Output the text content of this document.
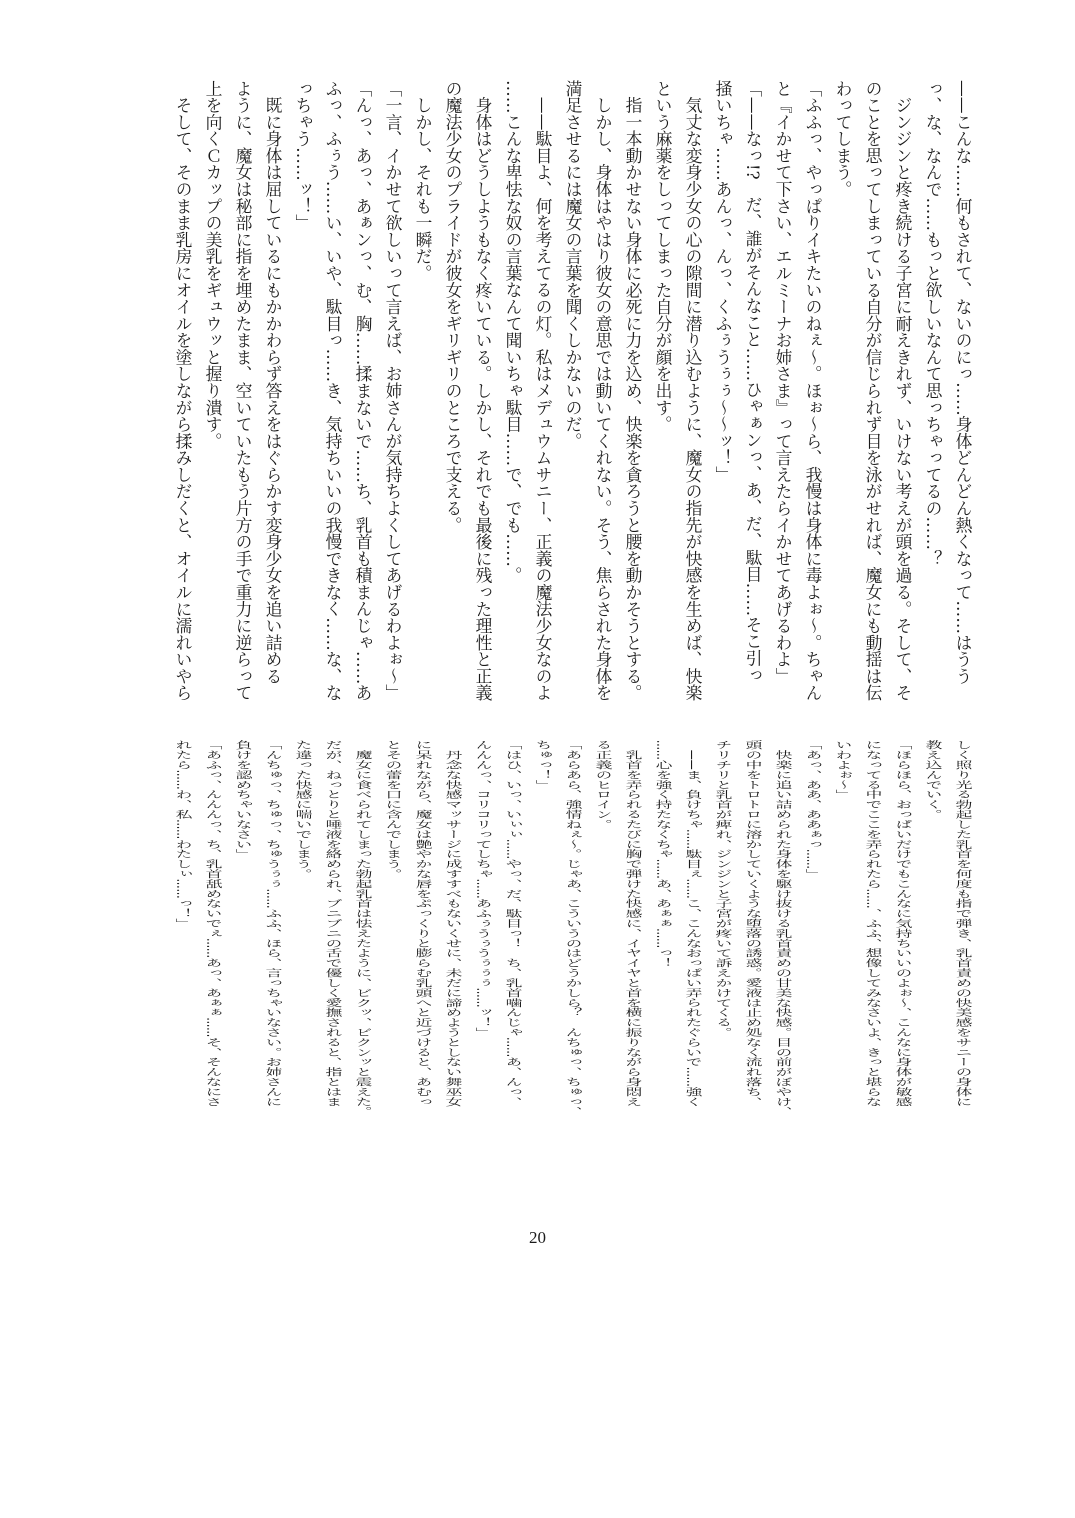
——こんな……何もされて、ないのにっ……身体どんどん熱くなって……はうう
っ、な、なんで……もっと欲しいなんて思っちゃってるの……？
　ジンジンと疼き続ける子宮に耐えきれず、いけない考えが頭を過る。そして、そ
のことを思ってしまっている自分が信じられず目を泳がせれば、魔女にも動揺は伝
わってしまう。
「ふふっ、やっぱりイキたいのねぇ～。ほぉ～ら、我慢は身体に毒よぉ～。ちゃん
と『イかせて下さい、エルミーナお姉さま』って言えたらイかせてあげるわよ」
「——なっ!?　だ、誰がそんなこと……ひゃぁンっ、あ、だ、駄目……そこ引っ
掻いちゃ……あんっ、んっ、くふぅうぅぅ～～ッ！」
　気丈な変身少女の心の隙間に潜り込むように、魔女の指先が快感を生めば、快楽
という麻薬をしってしまった自分が顔を出す。
　指一本動かせない身体に必死に力を込め、快楽を貪ろうと腰を動かそうとする。
　しかし、身体はやはり彼女の意思では動いてくれない。そう、焦らされた身体を
満足させるには魔女の言葉を聞くしかないのだ。
　——駄目よ、何を考えてるの灯。私はメデュウムサニー、正義の魔法少女なのよ
……こんな卑怯な奴の言葉なんて聞いちゃ駄目……で、でも……。
　身体はどうしようもなく疼いている。しかし、それでも最後に残った理性と正義
の魔法少女のプライドが彼女をギリギリのところで支える。
　しかし、それも一瞬だ。
「一言、イかせて欲しいって言えば、お姉さんが気持ちよくしてあげるわよぉ～」
「んっ、あっ、あぁンっ、む、胸……揉まないで……ち、乳首も積まんじゃ……あ
ふっ、ふぅう……い、いや、駄目っ……き、気持ちいいの我慢できなく……な、な
っちゃう……ッ！」
　既に身体は屈しているにもかかわらず答えをはぐらかす変身少女を追い詰める
ように、魔女は秘部に指を埋めたまま、空いていたもう片方の手で重力に逆らって
上を向くＣカップの美乳をギュウッと握り潰す。
　そして、そのまま乳房にオイルを塗しながら揉みしだくと、オイルに濡れいやら
しく照り光る勃起した乳首を何度も指で弾き、乳首責めの快美感をサニーの身体に
教え込んでいく。
「ほらほら、おっぱいだけでもこんなに気持ちいいのよぉ～、こんなに身体が敏感
になってる中でここを弄られたら……、ふふ、想像してみなさいよ、きっと堪らな
いわよぉ～」
「あっ、ああ、ああぁっ……」
　快楽に追い詰められた身体を駆け抜ける乳首責めの甘美な快感。目の前がぼやけ、
頭の中をトロトロに溶かしていくような堕落の誘惑。愛液は止め処なく流れ落ち、
チリチリと乳首が痺れ、ジンジンと子宮が疼いて訴えかけてくる。
　——ま、負けちゃ……駄目ぇ……こ、こんなおっぱい弄られたぐらいで……強く
……心を強く持たなくちゃ……あ、あぁぁ……っ！
　乳首を弄られるたびに胸で弾けた快感に、イヤイヤと首を横に振りながら身悶え
る正義のヒロイン。
「あらあら、強情ねぇ～。じゃあ、こういうのはどうかしら？　んちゅっ、ちゅっ、
ちゅっ！」
「はひ、いっ、いぃぃ……やっ、だ、駄目っ！　ち、乳首噛んじゃ……あ、んっ、
んんんっ、コリコリってしちゃ……あふぅうぅうぅぅぅ……ッ！」
　丹念な快感マッサージに成すすべもないくせに、未だに諦めようとしない舞巫女
に呆れながら、魔女は艶やかな唇をぷっくりと膨らむ乳頭へと近づけると、あむっ
とその蕾を口に含んでしまう。
　魔女に食べられてしまった勃起乳首は怯えたように、ビクッ、ビクンッと震えた。
だが、ねっとりと唾液を絡められ、ブニブニの舌で優しく愛撫されると、指とはま
た違った快感に喘いでしまう。
「んちゅっ、ちゅっ、ちゅうぅぅ……ふふ、ほら、言っちゃいなさい。お姉さんに
負けを認めちゃいなさい」
「あふっ、んんんっ、ち、乳首舐めないでぇ……あっ、あぁぁ……そ、そんなにさ
れたら……わ、私……わたしぃ……っ！」
20
